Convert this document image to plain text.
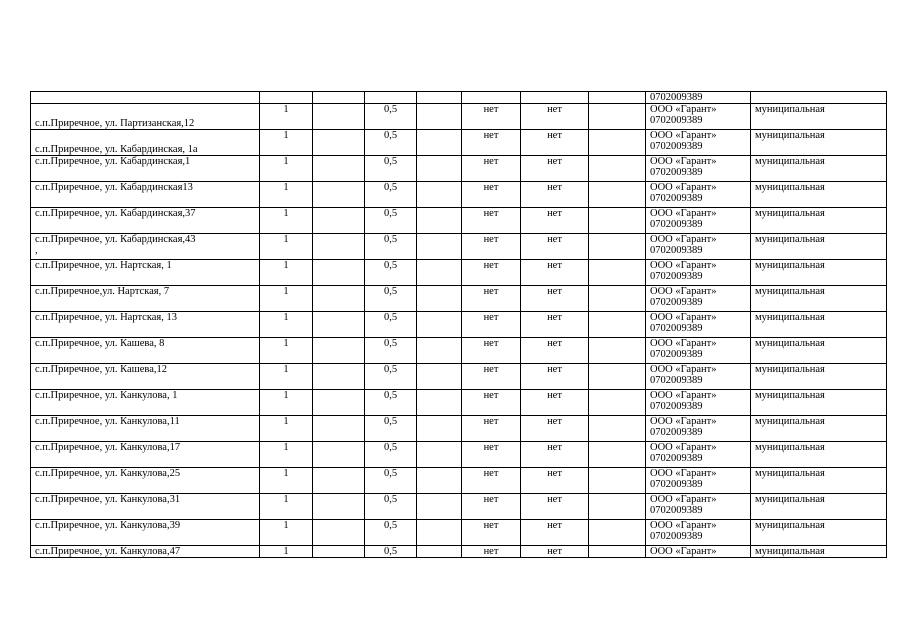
								0702009389	

с.п.Приречное, ул. Партизанская,12	1		0,5		нет	нет		ООО «Гарант»
0702009389	муниципальная

с.п.Приречное, ул. Кабардинская, 1а	1		0,5		нет	нет		ООО «Гарант»
0702009389	муниципальная

с.п.Приречное, ул. Кабардинская,1	1		0,5		нет	нет		ООО «Гарант»
0702009389	муниципальная

с.п.Приречное, ул. Кабардинская13	1		0,5		нет	нет		ООО «Гарант»
0702009389	муниципальная

с.п.Приречное, ул. Кабардинская,37	1		0,5		нет	нет		ООО «Гарант»
0702009389	муниципальная

с.п.Приречное, ул. Кабардинская,43
,	1		0,5		нет	нет		ООО «Гарант»
0702009389	муниципальная

с.п.Приречное, ул. Нартская, 1	1		0,5		нет	нет		ООО «Гарант»
0702009389	муниципальная

с.п.Приречное,ул. Нартская, 7	1		0,5		нет	нет		ООО «Гарант»
0702009389	муниципальная

с.п.Приречное, ул. Нартская, 13	1		0,5		нет	нет		ООО «Гарант»
0702009389	муниципальная

с.п.Приречное, ул. Кашева, 8	1		0,5		нет	нет		ООО «Гарант»
0702009389	муниципальная

с.п.Приречное, ул. Кашева,12	1		0,5		нет	нет		ООО «Гарант»
0702009389	муниципальная

с.п.Приречное, ул. Канкулова, 1	1		0,5		нет	нет		ООО «Гарант»
0702009389	муниципальная

с.п.Приречное, ул. Канкулова,11	1		0,5		нет	нет		ООО «Гарант»
0702009389	муниципальная

с.п.Приречное, ул. Канкулова,17	1		0,5		нет	нет		ООО «Гарант»
0702009389	муниципальная

с.п.Приречное, ул. Канкулова,25	1		0,5		нет	нет		ООО «Гарант»
0702009389	муниципальная

с.п.Приречное, ул. Канкулова,31	1		0,5		нет	нет		ООО «Гарант»
0702009389	муниципальная

с.п.Приречное, ул. Канкулова,39	1		0,5		нет	нет		ООО «Гарант»
0702009389	муниципальная

с.п.Приречное, ул. Канкулова,47	1		0,5		нет	нет		ООО «Гарант»	муниципальная
